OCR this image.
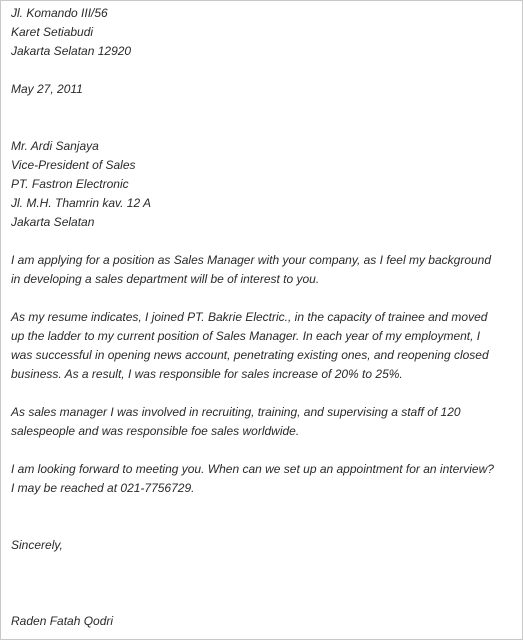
Jl. Komando III/56
Karet Setiabudi
Jakarta Selatan 12920
May 27, 2011
Mr. Ardi Sanjaya
Vice-President of Sales
PT. Fastron Electronic
Jl. M.H. Thamrin kav. 12 A
Jakarta Selatan
I am applying for a position as Sales Manager with your company, as I feel my background
in developing a sales department will be of interest to you.
As my resume indicates, I joined PT. Bakrie Electric., in the capacity of trainee and moved
up the ladder to my current position of Sales Manager. In each year of my employment, I
was successful in opening news account, penetrating existing ones, and reopening closed
business. As a result, I was responsible for sales increase of 20% to 25%.
As sales manager I was involved in recruiting, training, and supervising a staff of 120
salespeople and was responsible foe sales worldwide.
I am looking forward to meeting you. When can we set up an appointment for an interview?
I may be reached at 021-7756729.
Sincerely,
Raden Fatah Qodri
